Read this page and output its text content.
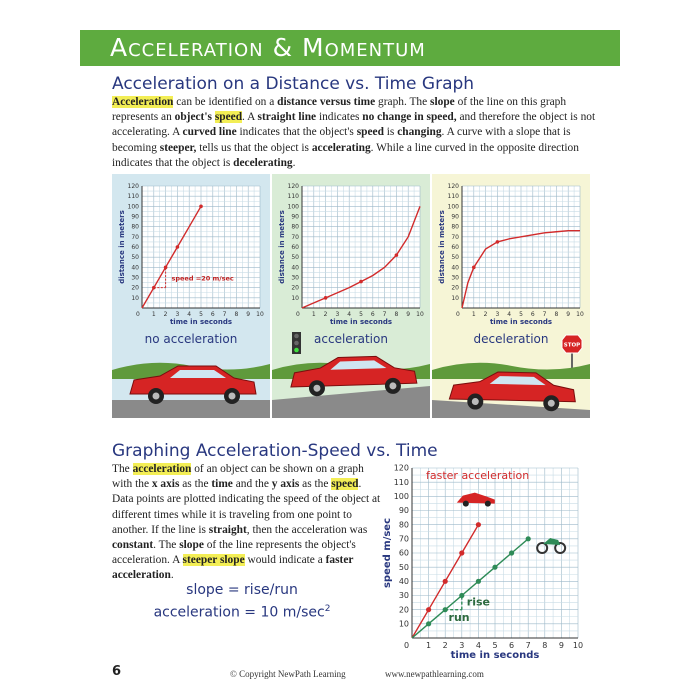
Acceleration & Momentum
Acceleration on a Distance vs. Time Graph
Acceleration can be identified on a distance versus time graph. The slope of the line on this graph represents an object's speed. A straight line indicates no change in speed, and therefore the object is not accelerating. A curved line indicates that the object's speed is changing. A curve with a slope that is becoming steeper, tells us that the object is accelerating. While a line curved in the opposite direction indicates that the object is decelerating.
1 2 3 4 5 6 7 8 9 10
10
20
30
40
50
60
70
80
90
100
110
120
0
time in seconds
distance in meters	speed =20 m/sec
no acceleration
1 2 3 4 5 6 7 8 9 10
10
20
30
40
50
60
70
80
90
100
110
120
0
time in seconds
distance in meters
acceleration
1 2 3 4 5 6 7 8 9 10
10
20
30
40
50
60
70
80
90
100
110
120
0
time in seconds
distance in meters
STOP
deceleration
Graphing Acceleration-Speed vs. Time
The acceleration of an object can be shown on a graph with the x axis as the time and the y axis as the speed. Data points are plotted indicating the speed of the object at different times while it is traveling from one point to another. If the line is straight, then the acceleration was constant. The slope of the line represents the object's acceleration. A steeper slope would indicate a faster acceleration.
slope = rise/run
acceleration = 10 $m/\sec^2$
1 2 3 4 5 6 7 8 9 10
10
20
30
40
50
60
70
80
90
100
110
120
0
time in seconds
speed m/sec
faster acceleration
rise
run
6	© Copyright NewPath Learning	www.newpathlearning.com
